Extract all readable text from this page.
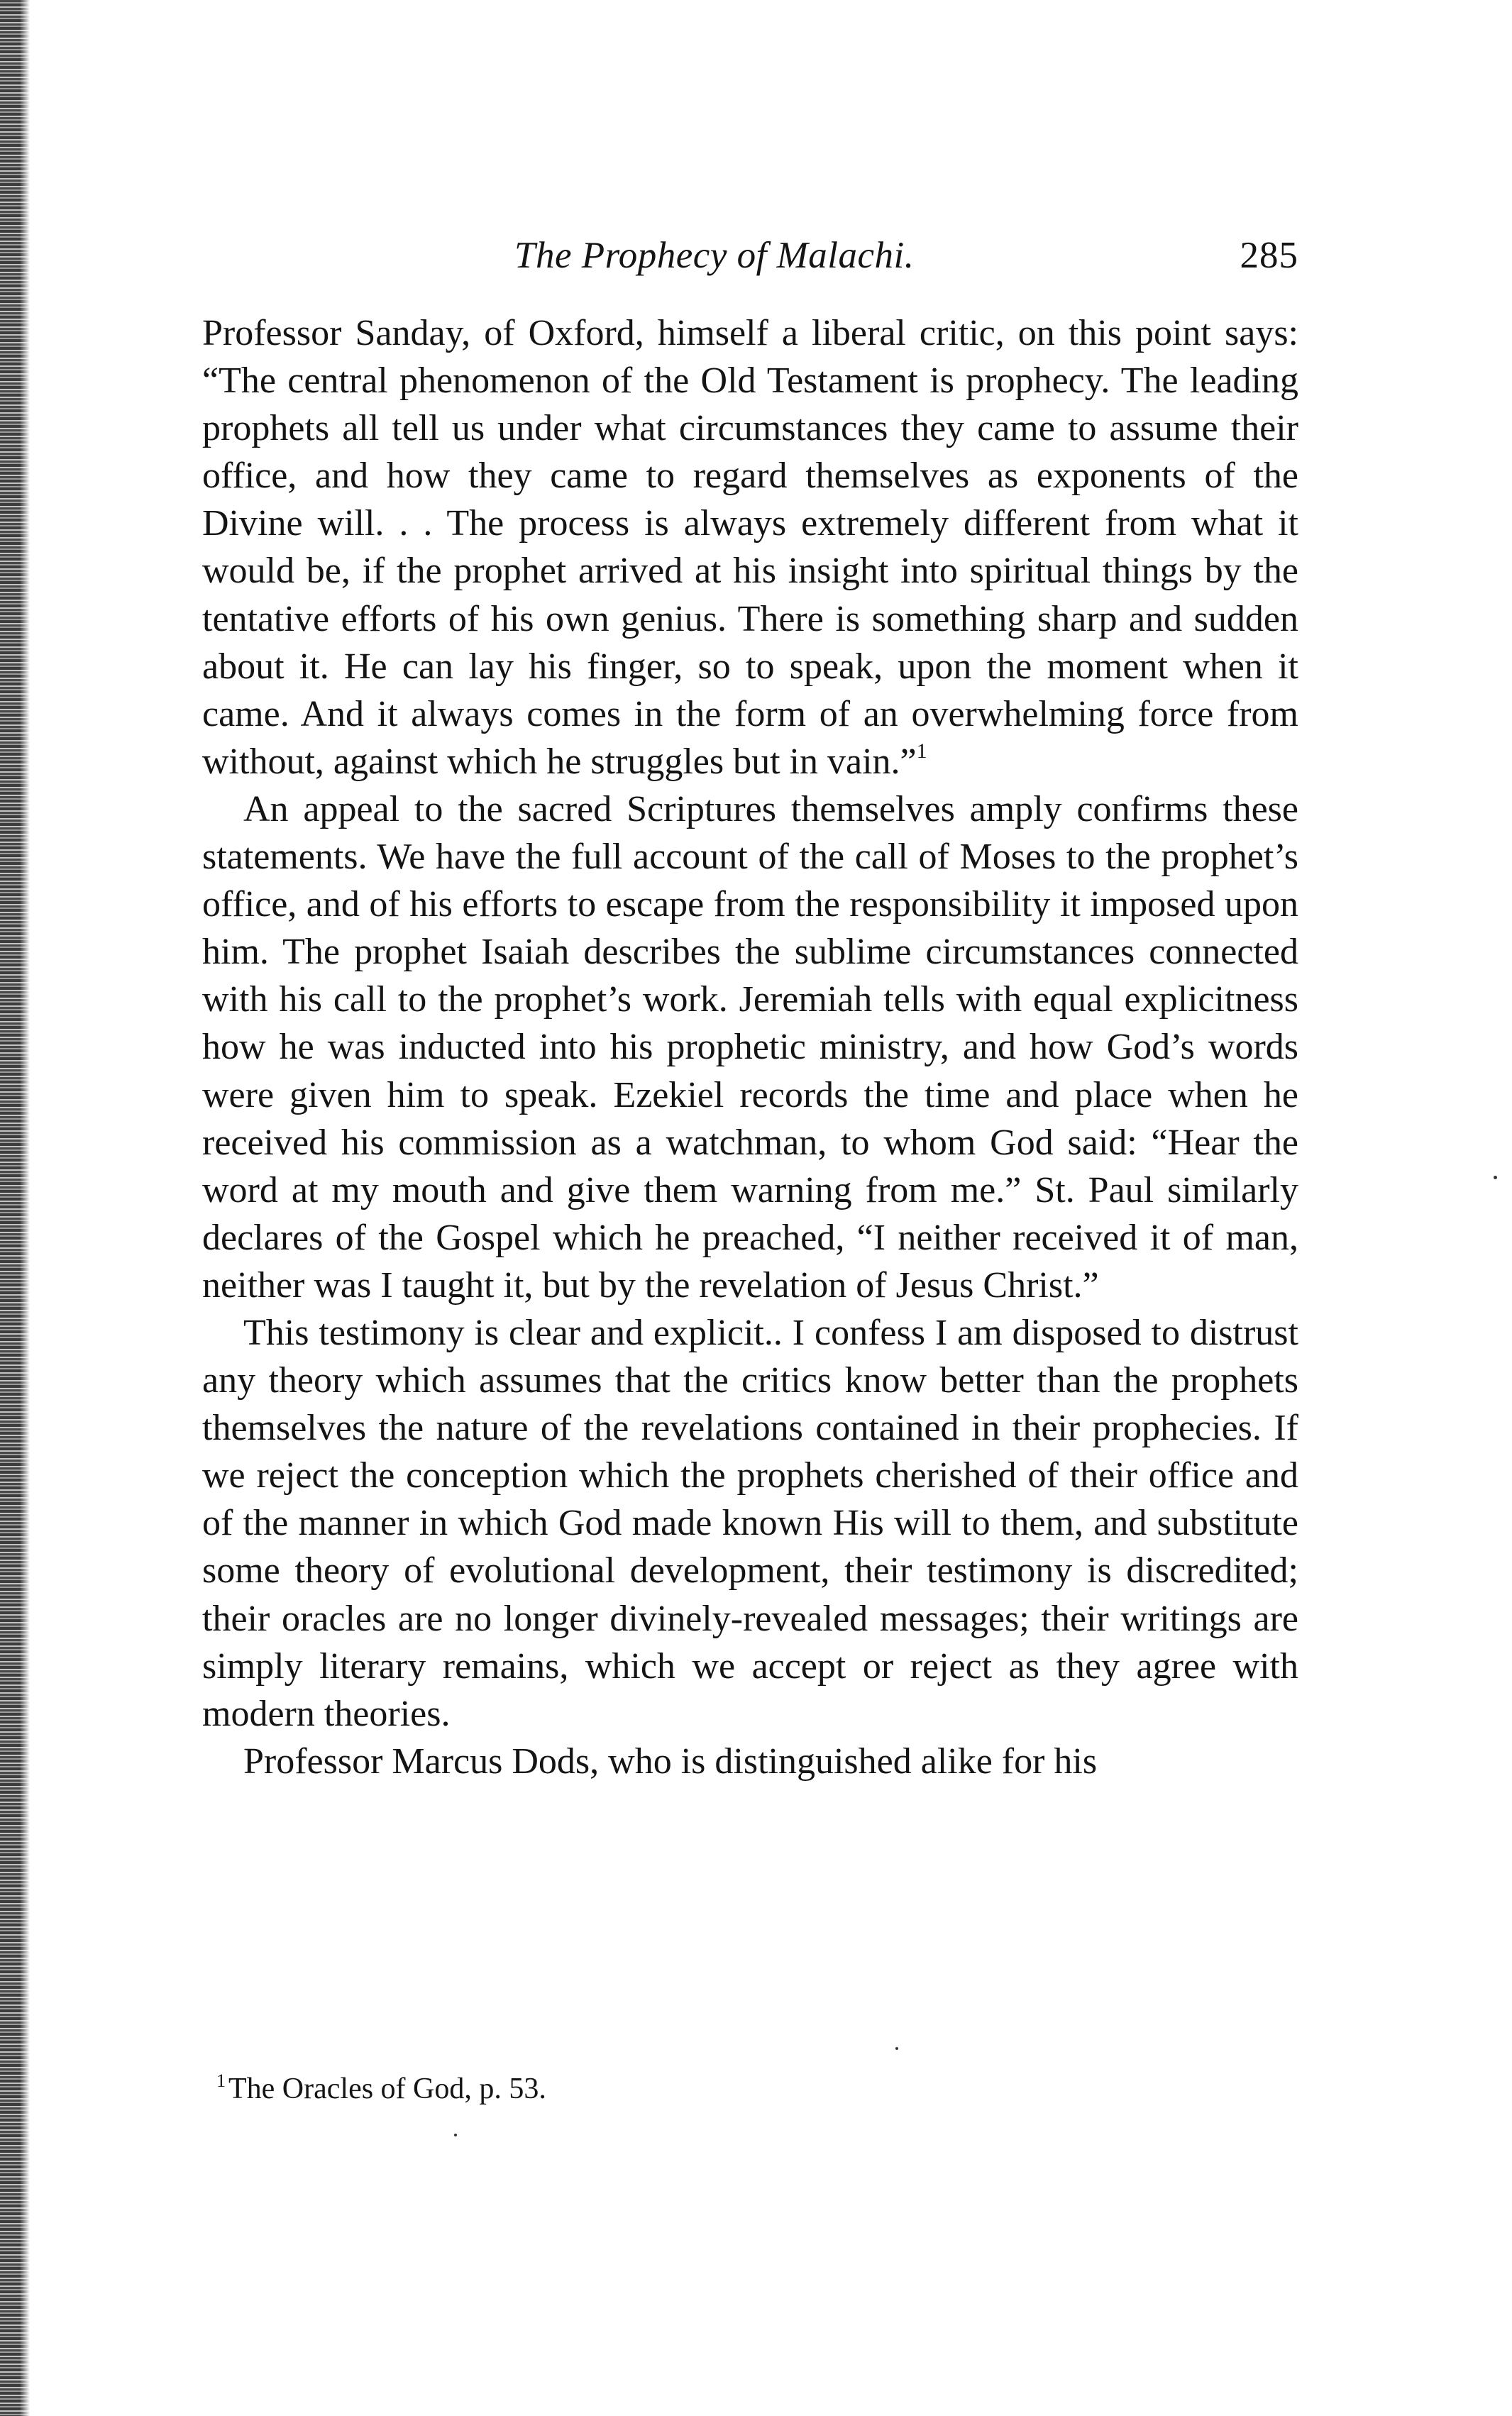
The Prophecy of Malachi.	285

Professor Sanday, of Oxford, himself a liberal critic, on this point says: “The central phenomenon of the Old Testament is prophecy. The leading prophets all tell us under what circumstances they came to assume their office, and how they came to regard themselves as exponents of the Divine will. . . The process is always extremely different from what it would be, if the prophet arrived at his insight into spiritual things by the tentative efforts of his own genius. There is something sharp and sudden about it. He can lay his finger, so to speak, upon the moment when it came. And it always comes in the form of an overwhelming force from without, against which he struggles but in vain.”$^1$

An appeal to the sacred Scriptures themselves amply confirms these statements. We have the full account of the call of Moses to the prophet’s office, and of his efforts to escape from the responsibility it imposed upon him. The prophet Isaiah describes the sublime circumstances connected with his call to the prophet’s work. Jeremiah tells with equal explicitness how he was inducted into his prophetic ministry, and how God’s words were given him to speak. Ezekiel records the time and place when he received his commission as a watchman, to whom God said: “Hear the word at my mouth and give them warning from me.” St. Paul similarly declares of the Gospel which he preached, “I neither received it of man, neither was I taught it, but by the revelation of Jesus Christ.”

This testimony is clear and explicit.. I confess I am disposed to distrust any theory which assumes that the critics know better than the prophets themselves the nature of the revelations contained in their prophecies. If we reject the conception which the prophets cherished of their office and of the manner in which God made known His will to them, and substitute some theory of evolutional development, their testimony is discredited; their oracles are no longer divinely-revealed messages; their writings are simply literary remains, which we accept or reject as they agree with modern theories.

Professor Marcus Dods, who is distinguished alike for his

$^1$The Oracles of God, p. 53.
